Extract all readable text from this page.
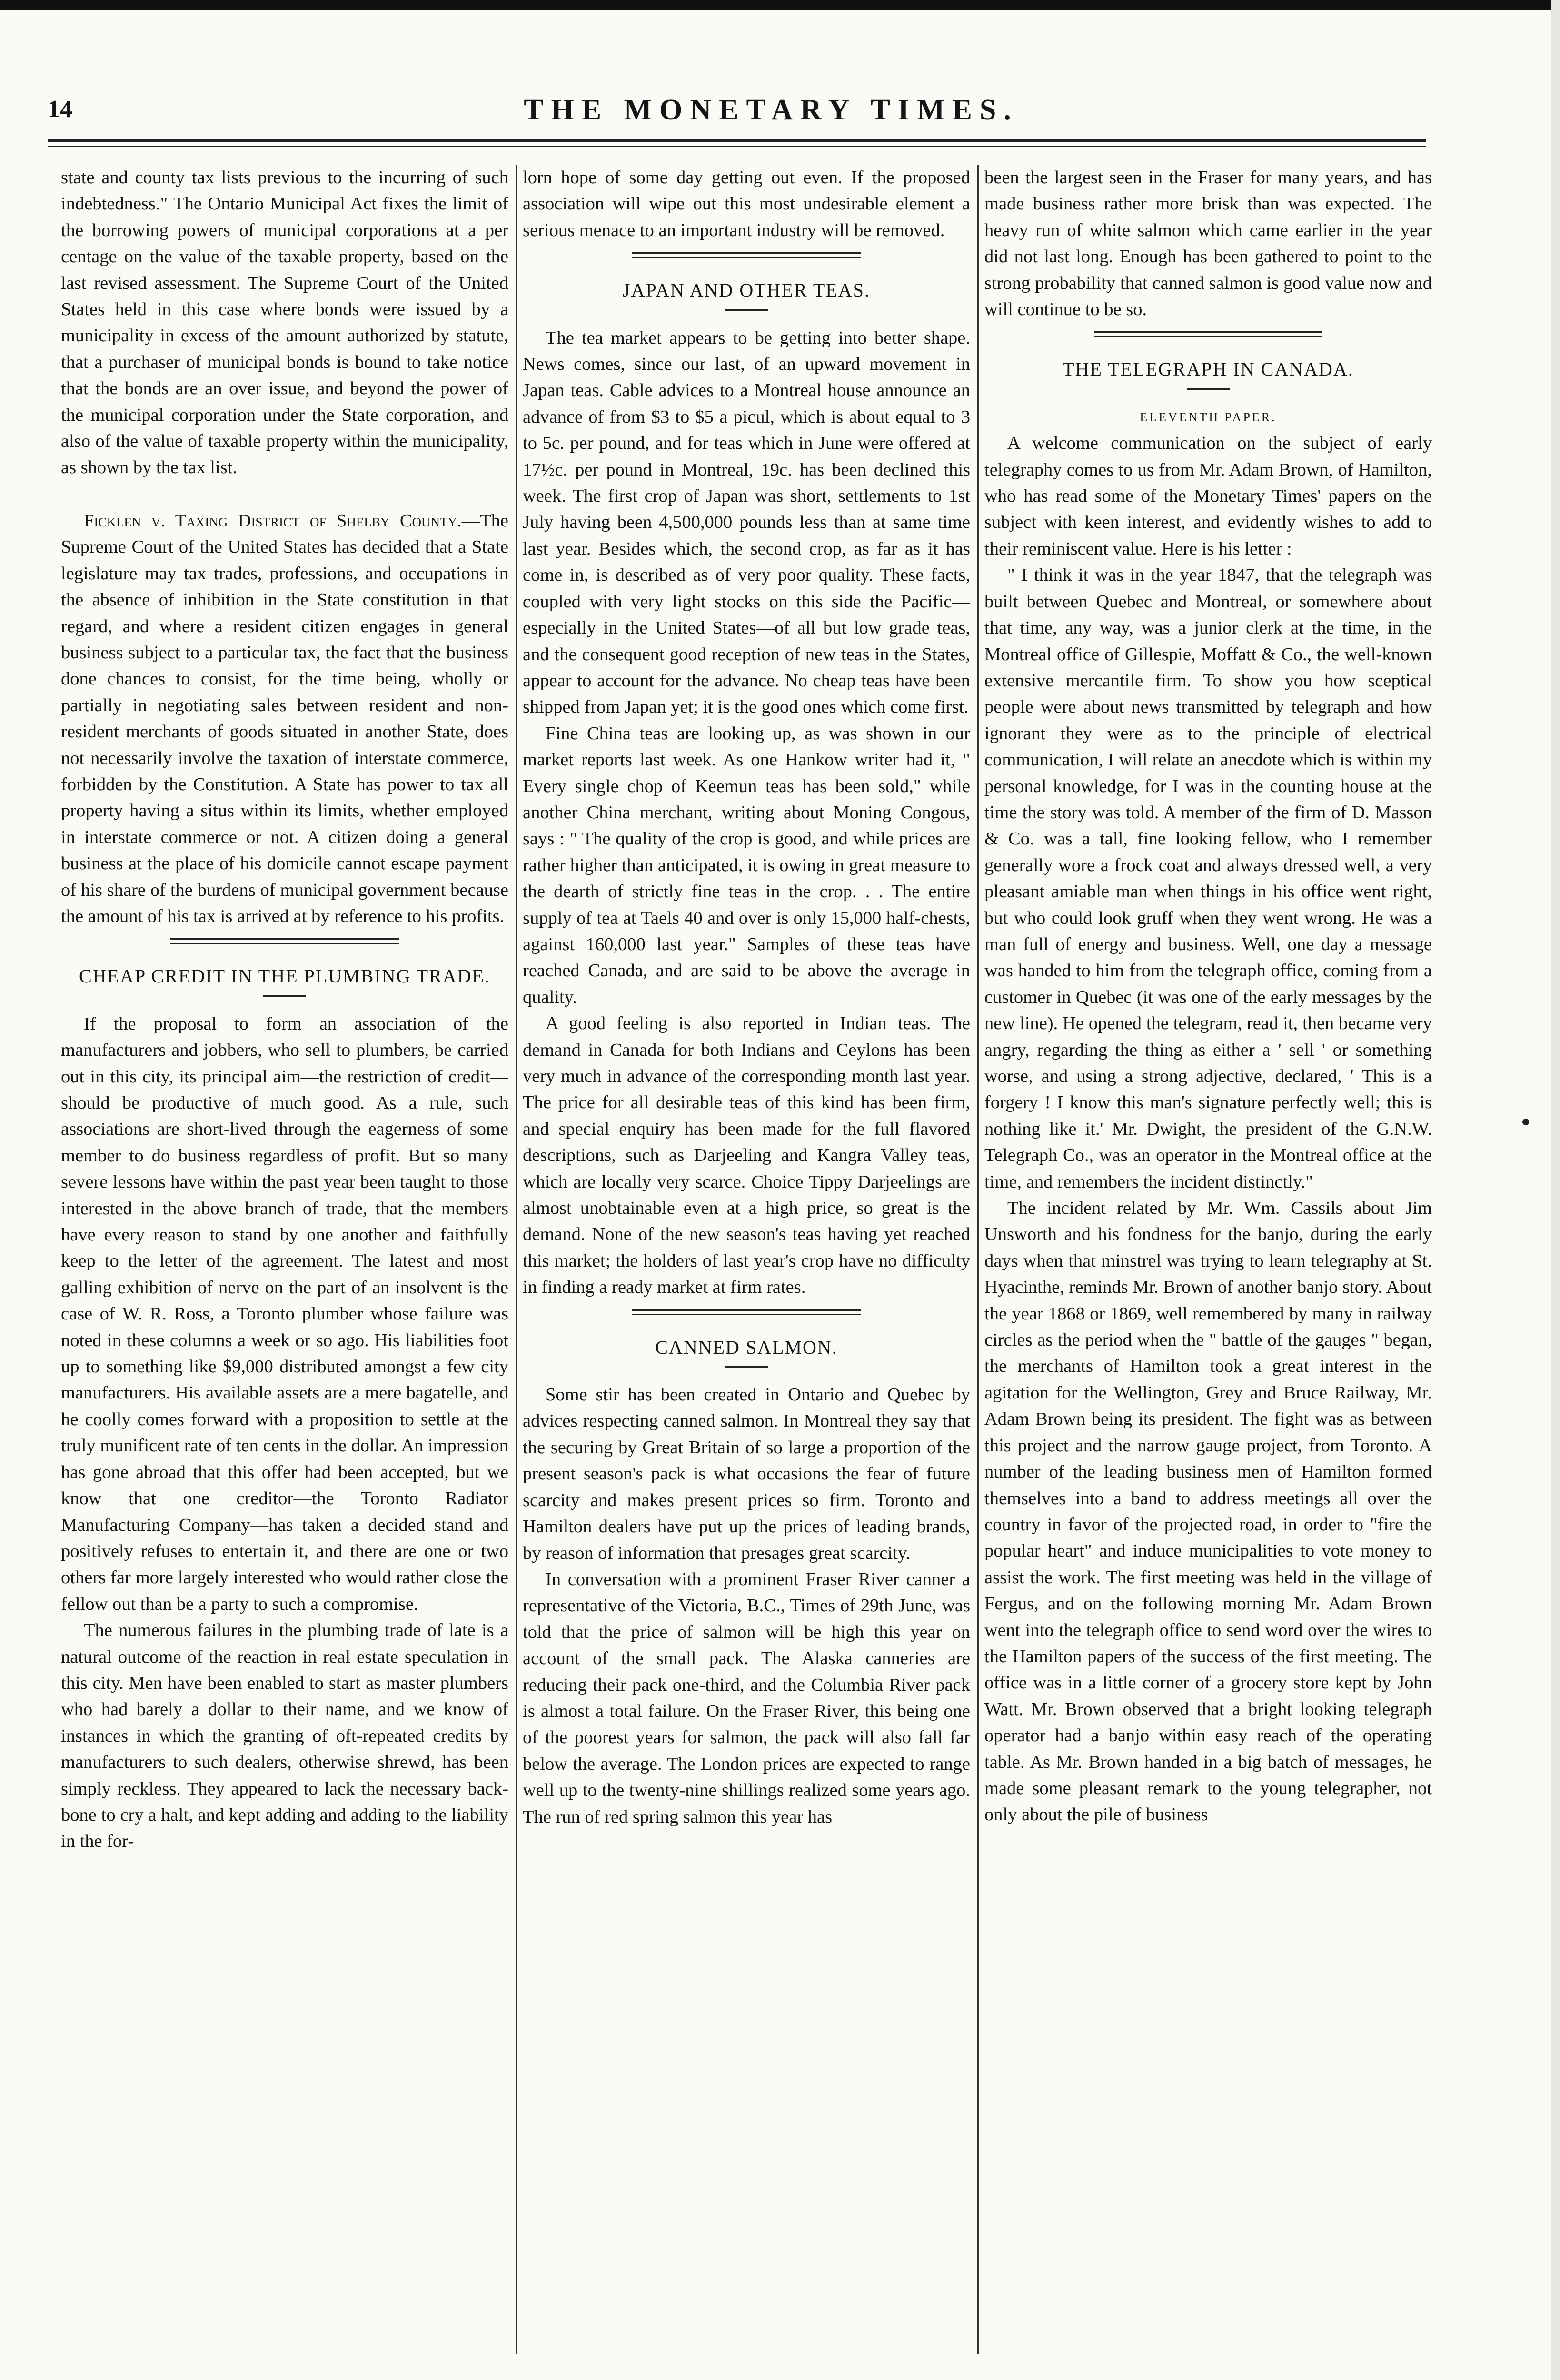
14	THE MONETARY TIMES.

state and county tax lists previous to the incurring of such indebtedness." The Ontario Municipal Act fixes the limit of the borrowing powers of municipal corporations at a per centage on the value of the taxable property, based on the last revised assessment. The Supreme Court of the United States held in this case where bonds were issued by a municipality in excess of the amount authorized by statute, that a purchaser of municipal bonds is bound to take notice that the bonds are an over issue, and beyond the power of the municipal corporation under the State corporation, and also of the value of taxable property within the municipality, as shown by the tax list.

Ficklen v. Taxing District of Shelby County.—The Supreme Court of the United States has decided that a State legislature may tax trades, professions, and occupations in the absence of inhibition in the State constitution in that regard, and where a resident citizen engages in general business subject to a particular tax, the fact that the business done chances to consist, for the time being, wholly or partially in negotiating sales between resident and non-resident merchants of goods situated in another State, does not necessarily involve the taxation of interstate commerce, forbidden by the Constitution. A State has power to tax all property having a situs within its limits, whether employed in interstate commerce or not. A citizen doing a general business at the place of his domicile cannot escape payment of his share of the burdens of municipal government because the amount of his tax is arrived at by reference to his profits.

CHEAP CREDIT IN THE PLUMBING TRADE.

If the proposal to form an association of the manufacturers and jobbers, who sell to plumbers, be carried out in this city, its principal aim—the restriction of credit—should be productive of much good. As a rule, such associations are short-lived through the eagerness of some member to do business regardless of profit. But so many severe lessons have within the past year been taught to those interested in the above branch of trade, that the members have every reason to stand by one another and faithfully keep to the letter of the agreement. The latest and most galling exhibition of nerve on the part of an insolvent is the case of W. R. Ross, a Toronto plumber whose failure was noted in these columns a week or so ago. His liabilities foot up to something like $9,000 distributed amongst a few city manufacturers. His available assets are a mere bagatelle, and he coolly comes forward with a proposition to settle at the truly munificent rate of ten cents in the dollar. An impression has gone abroad that this offer had been accepted, but we know that one creditor—the Toronto Radiator Manufacturing Company—has taken a decided stand and positively refuses to entertain it, and there are one or two others far more largely interested who would rather close the fellow out than be a party to such a compromise.

The numerous failures in the plumbing trade of late is a natural outcome of the reaction in real estate speculation in this city. Men have been enabled to start as master plumbers who had barely a dollar to their name, and we know of instances in which the granting of oft-repeated credits by manufacturers to such dealers, otherwise shrewd, has been simply reckless. They appeared to lack the necessary back-bone to cry a halt, and kept adding and adding to the liability in the for-

lorn hope of some day getting out even. If the proposed association will wipe out this most undesirable element a serious menace to an important industry will be removed.

JAPAN AND OTHER TEAS.

The tea market appears to be getting into better shape. News comes, since our last, of an upward movement in Japan teas. Cable advices to a Montreal house announce an advance of from $3 to $5 a picul, which is about equal to 3 to 5c. per pound, and for teas which in June were offered at 17½c. per pound in Montreal, 19c. has been declined this week. The first crop of Japan was short, settlements to 1st July having been 4,500,000 pounds less than at same time last year. Besides which, the second crop, as far as it has come in, is described as of very poor quality. These facts, coupled with very light stocks on this side the Pacific—especially in the United States—of all but low grade teas, and the consequent good reception of new teas in the States, appear to account for the advance. No cheap teas have been shipped from Japan yet; it is the good ones which come first.

Fine China teas are looking up, as was shown in our market reports last week. As one Hankow writer had it, " Every single chop of Keemun teas has been sold," while another China merchant, writing about Moning Congous, says : " The quality of the crop is good, and while prices are rather higher than anticipated, it is owing in great measure to the dearth of strictly fine teas in the crop. . . The entire supply of tea at Taels 40 and over is only 15,000 half-chests, against 160,000 last year." Samples of these teas have reached Canada, and are said to be above the average in quality.

A good feeling is also reported in Indian teas. The demand in Canada for both Indians and Ceylons has been very much in advance of the corresponding month last year. The price for all desirable teas of this kind has been firm, and special enquiry has been made for the full flavored descriptions, such as Darjeeling and Kangra Valley teas, which are locally very scarce. Choice Tippy Darjeelings are almost unobtainable even at a high price, so great is the demand. None of the new season's teas having yet reached this market; the holders of last year's crop have no difficulty in finding a ready market at firm rates.

CANNED SALMON.

Some stir has been created in Ontario and Quebec by advices respecting canned salmon. In Montreal they say that the securing by Great Britain of so large a proportion of the present season's pack is what occasions the fear of future scarcity and makes present prices so firm. Toronto and Hamilton dealers have put up the prices of leading brands, by reason of information that presages great scarcity.

In conversation with a prominent Fraser River canner a representative of the Victoria, B.C., Times of 29th June, was told that the price of salmon will be high this year on account of the small pack. The Alaska canneries are reducing their pack one-third, and the Columbia River pack is almost a total failure. On the Fraser River, this being one of the poorest years for salmon, the pack will also fall far below the average. The London prices are expected to range well up to the twenty-nine shillings realized some years ago. The run of red spring salmon this year has

been the largest seen in the Fraser for many years, and has made business rather more brisk than was expected. The heavy run of white salmon which came earlier in the year did not last long. Enough has been gathered to point to the strong probability that canned salmon is good value now and will continue to be so.

THE TELEGRAPH IN CANADA.

ELEVENTH PAPER.

A welcome communication on the subject of early telegraphy comes to us from Mr. Adam Brown, of Hamilton, who has read some of the Monetary Times' papers on the subject with keen interest, and evidently wishes to add to their reminiscent value. Here is his letter :

" I think it was in the year 1847, that the telegraph was built between Quebec and Montreal, or somewhere about that time, any way, was a junior clerk at the time, in the Montreal office of Gillespie, Moffatt & Co., the well-known extensive mercantile firm. To show you how sceptical people were about news transmitted by telegraph and how ignorant they were as to the principle of electrical communication, I will relate an anecdote which is within my personal knowledge, for I was in the counting house at the time the story was told. A member of the firm of D. Masson & Co. was a tall, fine looking fellow, who I remember generally wore a frock coat and always dressed well, a very pleasant amiable man when things in his office went right, but who could look gruff when they went wrong. He was a man full of energy and business. Well, one day a message was handed to him from the telegraph office, coming from a customer in Quebec (it was one of the early messages by the new line). He opened the telegram, read it, then became very angry, regarding the thing as either a ' sell ' or something worse, and using a strong adjective, declared, ' This is a forgery ! I know this man's signature perfectly well; this is nothing like it.' Mr. Dwight, the president of the G.N.W. Telegraph Co., was an operator in the Montreal office at the time, and remembers the incident distinctly."

The incident related by Mr. Wm. Cassils about Jim Unsworth and his fondness for the banjo, during the early days when that minstrel was trying to learn telegraphy at St. Hyacinthe, reminds Mr. Brown of another banjo story. About the year 1868 or 1869, well remembered by many in railway circles as the period when the " battle of the gauges " began, the merchants of Hamilton took a great interest in the agitation for the Wellington, Grey and Bruce Railway, Mr. Adam Brown being its president. The fight was as between this project and the narrow gauge project, from Toronto. A number of the leading business men of Hamilton formed themselves into a band to address meetings all over the country in favor of the projected road, in order to "fire the popular heart" and induce municipalities to vote money to assist the work. The first meeting was held in the village of Fergus, and on the following morning Mr. Adam Brown went into the telegraph office to send word over the wires to the Hamilton papers of the success of the first meeting. The office was in a little corner of a grocery store kept by John Watt. Mr. Brown observed that a bright looking telegraph operator had a banjo within easy reach of the operating table. As Mr. Brown handed in a big batch of messages, he made some pleasant remark to the young telegrapher, not only about the pile of business
